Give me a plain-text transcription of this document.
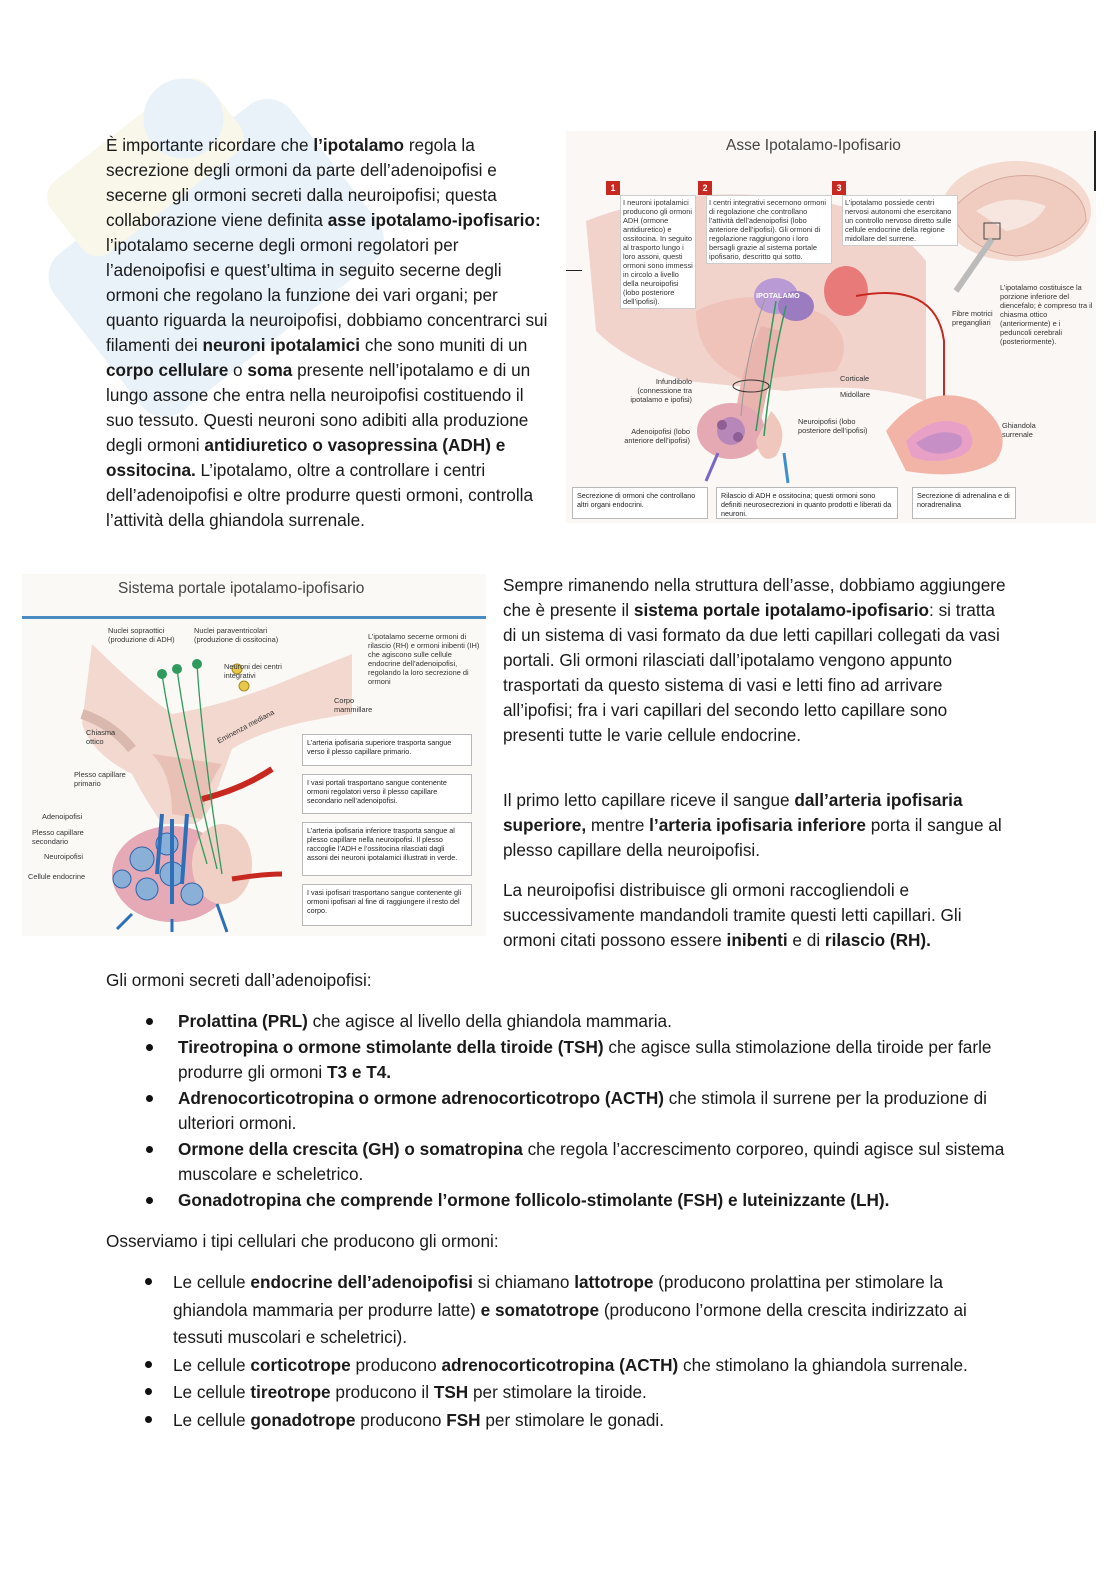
È importante ricordare che l’ipotalamo regola la secrezione degli ormoni da parte dell’adenoipofisi e secerne gli ormoni secreti dalla neuroipofisi; questa collaborazione viene definita asse ipotalamo-ipofisario: l’ipotalamo secerne degli ormoni regolatori per l’adenoipofisi e quest’ultima in seguito secerne degli ormoni che regolano la funzione dei vari organi; per quanto riguarda la neuroipofisi, dobbiamo concentrarci sui filamenti dei neuroni ipotalamici che sono muniti di un corpo cellulare o soma presente nell’ipotalamo e di un lungo assone che entra nella neuroipofisi costituendo il suo tessuto. Questi neuroni sono adibiti alla produzione degli ormoni antidiuretico o vasopressina (ADH) e ossitocina. L’ipotalamo, oltre a controllare i centri dell’adenoipofisi e oltre produrre questi ormoni, controlla l’attività della ghiandola surrenale.

Asse Ipotalamo-Ipofisario
1
I neuroni ipotalamici producono gli ormoni ADH (ormone antidiuretico) e ossitocina. In seguito al trasporto lungo i loro assoni, questi ormoni sono immessi in circolo a livello della neuroipofisi (lobo posteriore dell’ipofisi).
2
I centri integrativi secernono ormoni di regolazione che controllano l’attività dell’adenoipofisi (lobo anteriore dell’ipofisi). Gli ormoni di regolazione raggiungono i loro bersagli grazie al sistema portale ipofisario, descritto qui sotto.
3
L’ipotalamo possiede centri nervosi autonomi che esercitano un controllo nervoso diretto sulle cellule endocrine della regione midollare del surrene.
IPOTALAMO
Infundibolo (connessione tra ipotalamo e ipofisi)
Adenoipofisi (lobo anteriore dell’ipofisi)
Neuroipofisi (lobo posteriore dell’ipofisi)
Corticale
Midollare
Fibre motrici pregangliari
Ghiandola surrenale
L’ipotalamo costituisce la porzione inferiore del diencefalo; è compreso tra il chiasma ottico (anteriormente) e i peduncoli cerebrali (posteriormente).
Secrezione di ormoni che controllano altri organi endocrini.
Rilascio di ADH e ossitocina; questi ormoni sono definiti neurosecrezioni in quanto prodotti e liberati da neuroni.
Secrezione di adrenalina e di noradrenalina
Sistema portale ipotalamo-ipofisario
Nuclei sopraottici (produzione di ADH)
Nuclei paraventricolari (produzione di ossitocina)
Neuroni dei centri integrativi
Eminenza mediana
Corpo mammillare
Chiasma ottico
Plesso capillare primario
Adenoipofisi
Plesso capillare secondario
Neuroipofisi
Cellule endocrine
L’ipotalamo secerne ormoni di rilascio (RH) e ormoni inibenti (IH) che agiscono sulle cellule endocrine dell’adenoipofisi, regolando la loro secrezione di ormoni
L’arteria ipofisaria superiore trasporta sangue verso il plesso capillare primario.
I vasi portali trasportano sangue contenente ormoni regolatori verso il plesso capillare secondario nell’adenoipofisi.
L’arteria ipofisaria inferiore trasporta sangue al plesso capillare nella neuroipofisi. Il plesso raccoglie l’ADH e l’ossitocina rilasciati dagli assoni dei neuroni ipotalamici illustrati in verde.
I vasi ipofisari trasportano sangue contenente gli ormoni ipofisari al fine di raggiungere il resto del corpo.

Sempre rimanendo nella struttura dell’asse, dobbiamo aggiungere che è presente il sistema portale ipotalamo-ipofisario: si tratta di un sistema di vasi formato da due letti capillari collegati da vasi portali. Gli ormoni rilasciati dall’ipotalamo vengono appunto trasportati da questo sistema di vasi e letti fino ad arrivare all’ipofisi; fra i vari capillari del secondo letto capillare sono presenti tutte le varie cellule endocrine.

Il primo letto capillare riceve il sangue dall’arteria ipofisaria superiore, mentre l’arteria ipofisaria inferiore porta il sangue al plesso capillare della neuroipofisi.

La neuroipofisi distribuisce gli ormoni raccogliendoli e successivamente mandandoli tramite questi letti capillari. Gli ormoni citati possono essere inibenti e di rilascio (RH).

Gli ormoni secreti dall’adenoipofisi:

Prolattina (PRL) che agisce al livello della ghiandola mammaria.
Tireotropina o ormone stimolante della tiroide (TSH) che agisce sulla stimolazione della tiroide per farle produrre gli ormoni T3 e T4.
Adrenocorticotropina o ormone adrenocorticotropo (ACTH) che stimola il surrene per la produzione di ulteriori ormoni.
Ormone della crescita (GH) o somatropina che regola l’accrescimento corporeo, quindi agisce sul sistema muscolare e scheletrico.
Gonadotropina che comprende l’ormone follicolo-stimolante (FSH) e luteinizzante (LH).

Osserviamo i tipi cellulari che producono gli ormoni:

Le cellule endocrine dell’adenoipofisi si chiamano lattotrope (producono prolattina per stimolare la ghiandola mammaria per produrre latte) e somatotrope (producono l’ormone della crescita indirizzato ai tessuti muscolari e scheletrici).
Le cellule corticotrope producono adrenocorticotropina (ACTH) che stimolano la ghiandola surrenale.
Le cellule tireotrope producono il TSH per stimolare la tiroide.
Le cellule gonadotrope producono FSH per stimolare le gonadi.
